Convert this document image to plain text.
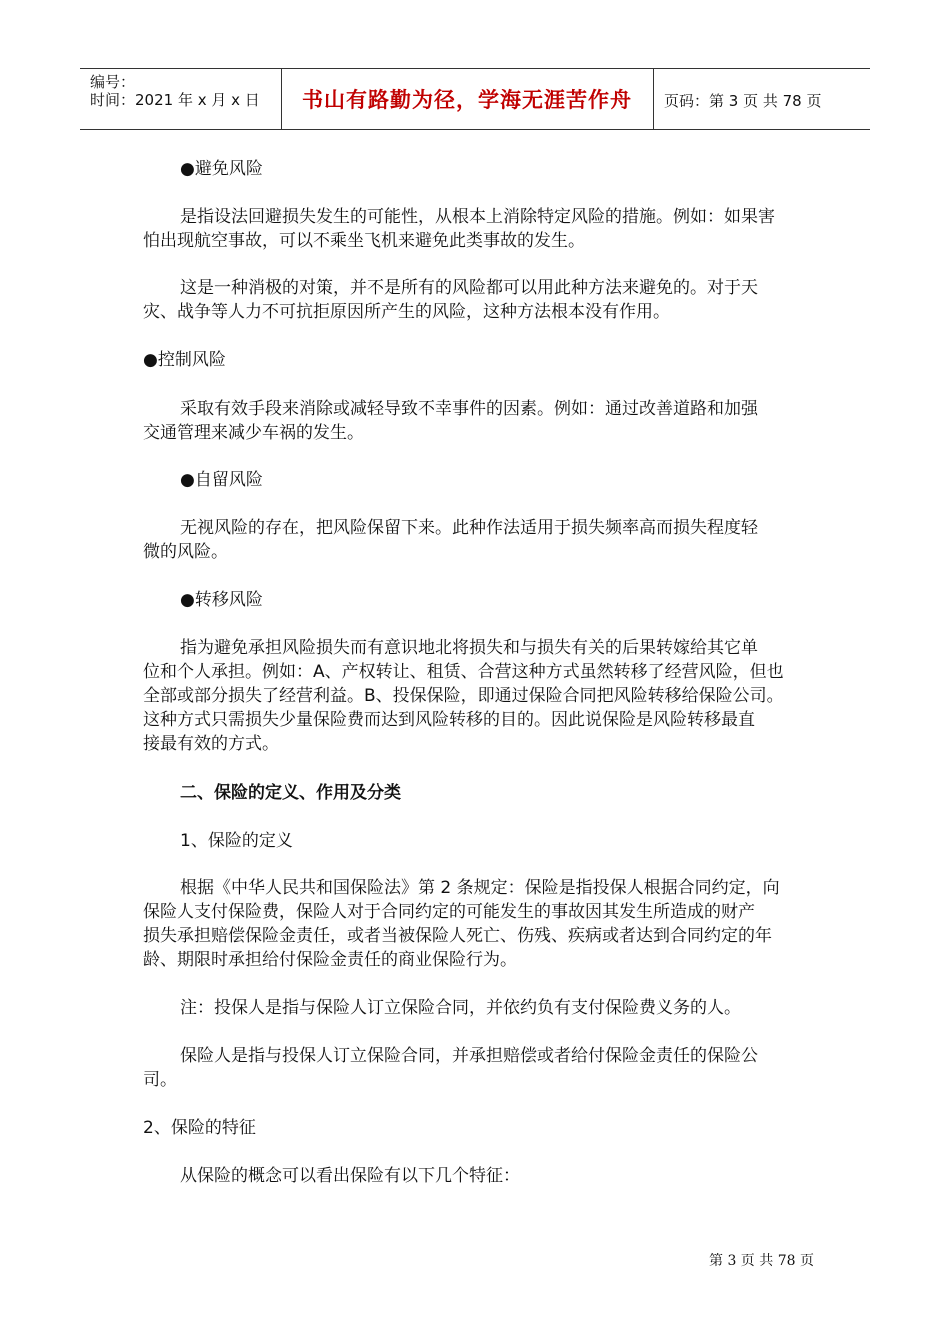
编号：
时间：2021 年 x 月 x 日	书山有路勤为径，学海无涯苦作舟	页码：第 3 页 共 78 页
●避免风险
是指设法回避损失发生的可能性，从根本上消除特定风险的措施。例如：如果害
怕出现航空事故，可以不乘坐飞机来避免此类事故的发生。
这是一种消极的对策，并不是所有的风险都可以用此种方法来避免的。对于天
灾、战争等人力不可抗拒原因所产生的风险，这种方法根本没有作用。
●控制风险
采取有效手段来消除或减轻导致不幸事件的因素。例如：通过改善道路和加强
交通管理来减少车祸的发生。
●自留风险
无视风险的存在，把风险保留下来。此种作法适用于损失频率高而损失程度轻
微的风险。
●转移风险
指为避免承担风险损失而有意识地北将损失和与损失有关的后果转嫁给其它单
位和个人承担。例如：A、产权转让、租赁、合营这种方式虽然转移了经营风险，但也
全部或部分损失了经营利益。B、投保保险，即通过保险合同把风险转移给保险公司。
这种方式只需损失少量保险费而达到风险转移的目的。因此说保险是风险转移最直
接最有效的方式。
二、保险的定义、作用及分类
1、保险的定义
根据《中华人民共和国保险法》第 2 条规定：保险是指投保人根据合同约定，向
保险人支付保险费，保险人对于合同约定的可能发生的事故因其发生所造成的财产
损失承担赔偿保险金责任，或者当被保险人死亡、伤残、疾病或者达到合同约定的年
龄、期限时承担给付保险金责任的商业保险行为。
注：投保人是指与保险人订立保险合同，并依约负有支付保险费义务的人。
保险人是指与投保人订立保险合同，并承担赔偿或者给付保险金责任的保险公
司。
2、保险的特征
从保险的概念可以看出保险有以下几个特征：
第 3 页 共 78 页
